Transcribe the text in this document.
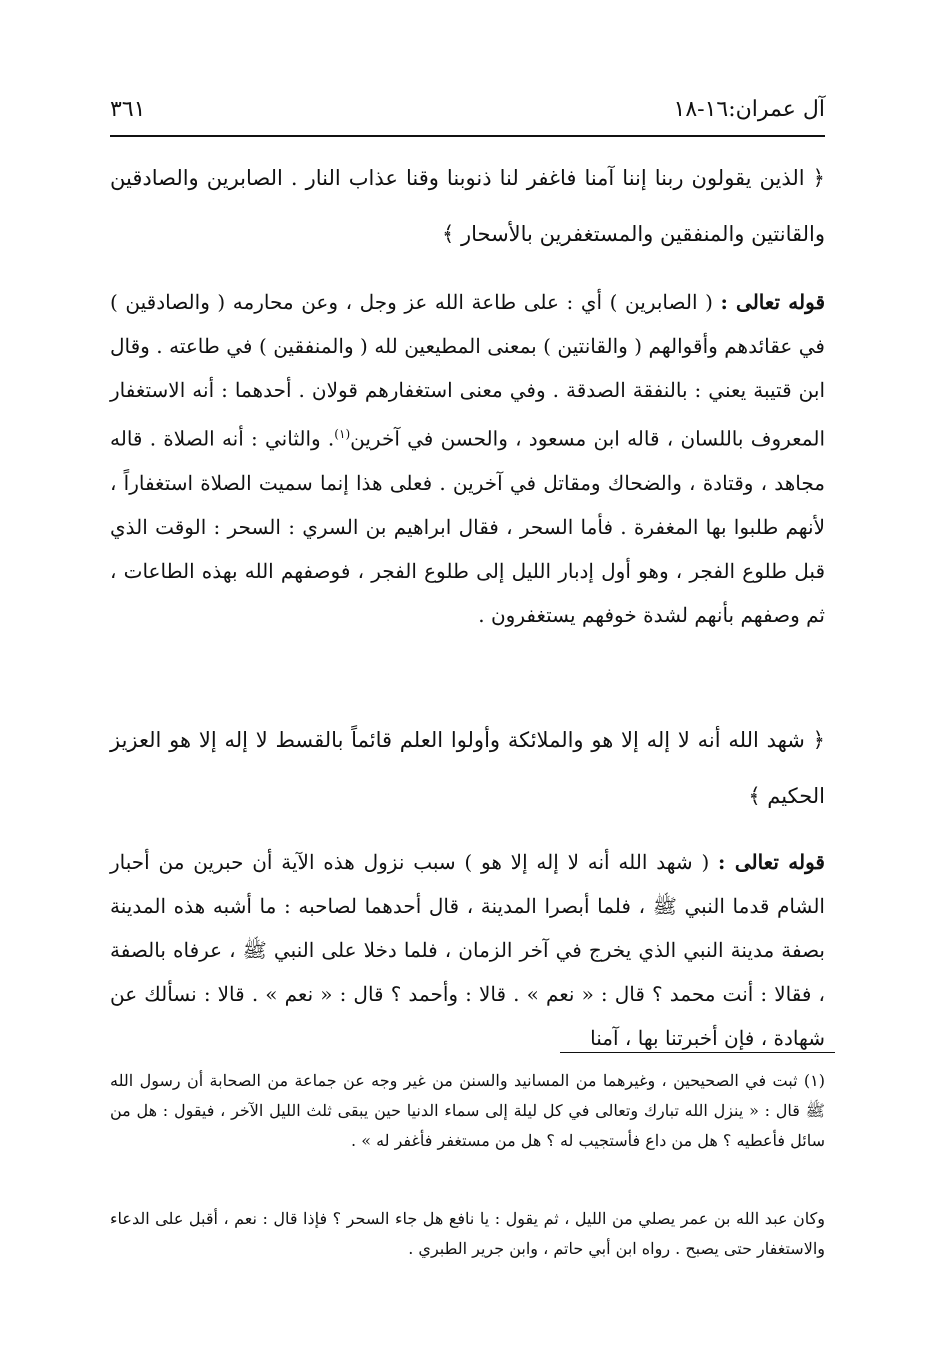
آل عمران:١٦-١٨
٣٦١
﴿ الذين يقولون ربنا إننا آمنا فاغفر لنا ذنوبنا وقنا عذاب النار . الصابرين والصادقين والقانتين والمنفقين والمستغفرين بالأسحار ﴾
قوله تعالى : ( الصابرين ) أي : على طاعة الله عز وجل ، وعن محارمه ( والصادقين ) في عقائدهم وأقوالهم ( والقانتين ) بمعنى المطيعين لله ( والمنفقين ) في طاعته . وقال ابن قتيبة يعني : بالنفقة الصدقة . وفي معنى استغفارهم قولان . أحدهما : أنه الاستغفار المعروف باللسان ، قاله ابن مسعود ، والحسن في آخرين$^{(١)}$. والثاني : أنه الصلاة . قاله مجاهد ، وقتادة ، والضحاك ومقاتل في آخرين . فعلى هذا إنما سميت الصلاة استغفاراً ، لأنهم طلبوا بها المغفرة . فأما السحر ، فقال ابراهيم بن السري : السحر : الوقت الذي قبل طلوع الفجر ، وهو أول إدبار الليل إلى طلوع الفجر ، فوصفهم الله بهذه الطاعات ، ثم وصفهم بأنهم لشدة خوفهم يستغفرون .
﴿ شهد الله أنه لا إله إلا هو والملائكة وأولوا العلم قائماً بالقسط لا إله إلا هو العزيز الحكيم ﴾
قوله تعالى : ( شهد الله أنه لا إله إلا هو ) سبب نزول هذه الآية أن حبرين من أحبار الشام قدما النبي ﷺ ، فلما أبصرا المدينة ، قال أحدهما لصاحبه : ما أشبه هذه المدينة بصفة مدينة النبي الذي يخرج في آخر الزمان ، فلما دخلا على النبي ﷺ ، عرفاه بالصفة ، فقالا : أنت محمد ؟ قال : « نعم » . قالا : وأحمد ؟ قال : « نعم » . قالا : نسألك عن شهادة ، فإن أخبرتنا بها ، آمنا
(١) ثبت في الصحيحين ، وغيرهما من المسانيد والسنن من غير وجه عن جماعة من الصحابة أن رسول الله ﷺ قال : « ينزل الله تبارك وتعالى في كل ليلة إلى سماء الدنيا حين يبقى ثلث الليل الآخر ، فيقول : هل من سائل فأعطيه ؟ هل من داع فأستجيب له ؟ هل من مستغفر فأغفر له » .
وكان عبد الله بن عمر يصلي من الليل ، ثم يقول : يا نافع هل جاء السحر ؟ فإذا قال : نعم ، أقبل على الدعاء والاستغفار حتى يصبح . رواه ابن أبي حاتم ، وابن جرير الطبري .
